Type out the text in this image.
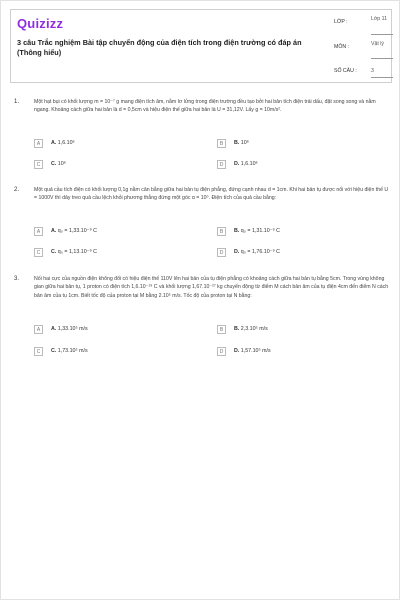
Quizizz
3 câu Trắc nghiệm Bài tập chuyển động của điện tích trong điện trường có đáp án (Thông hiểu)
LỚP :	Lớp 11
MÔN :	Vật lý
SỐ CÂU :	3
1.	Một hạt bụi có khối lượng m = 10⁻⁷ g mang điện tích âm, nằm lơ lửng trong điện trường đều tạo bởi hai bản tích điện trái dấu, đặt song song và nằm ngang. Khoảng cách giữa hai bản là d = 0,5cm và hiệu điện thế giữa hai bản là U = 31,12V. Lấy g = 10m/s².
A	A. 1,6.10⁶	B	B. 10⁶
C	C. 10⁶	D	D. 1,6.10⁶
2.	Một quả cầu tích điện có khối lượng 0,1g nằm cân bằng giữa hai bản tụ điện phẳng, đứng cạnh nhau d = 1cm. Khi hai bản tụ được nối với hiệu điện thế U = 1000V thì dây treo quả cầu lệch khỏi phương thẳng đứng một góc α = 10⁰. Điện tích của quả cầu bằng:
A	A. q₀ = 1,33.10⁻⁹ C	B	B. q₀ = 1,31.10⁻⁹ C
C	C. q₀ = 1,13.10⁻⁹ C	D	D. q₀ = 1,76.10⁻⁹ C
3.	Nối hai cực của nguồn điện không đổi có hiệu điện thế 110V lên hai bản của tụ điện phẳng có khoảng cách giữa hai bản tụ bằng 5cm. Trong vùng không gian giữa hai bản tụ, 1 proton có điện tích 1,6.10⁻¹⁹ C và khối lượng 1,67.10⁻²⁷ kg chuyển động từ điểm M cách bản âm của tụ điện 4cm đến điểm N cách bản âm của tụ 1cm. Biết tốc độ của proton tại M bằng 2.10⁵ m/s. Tốc độ của proton tại N bằng:
A	A. 1,33.10⁵ m/s	B	B. 2,3.10⁵ m/s
C	C. 1,73.10⁵ m/s	D	D. 1,57.10⁵ m/s
